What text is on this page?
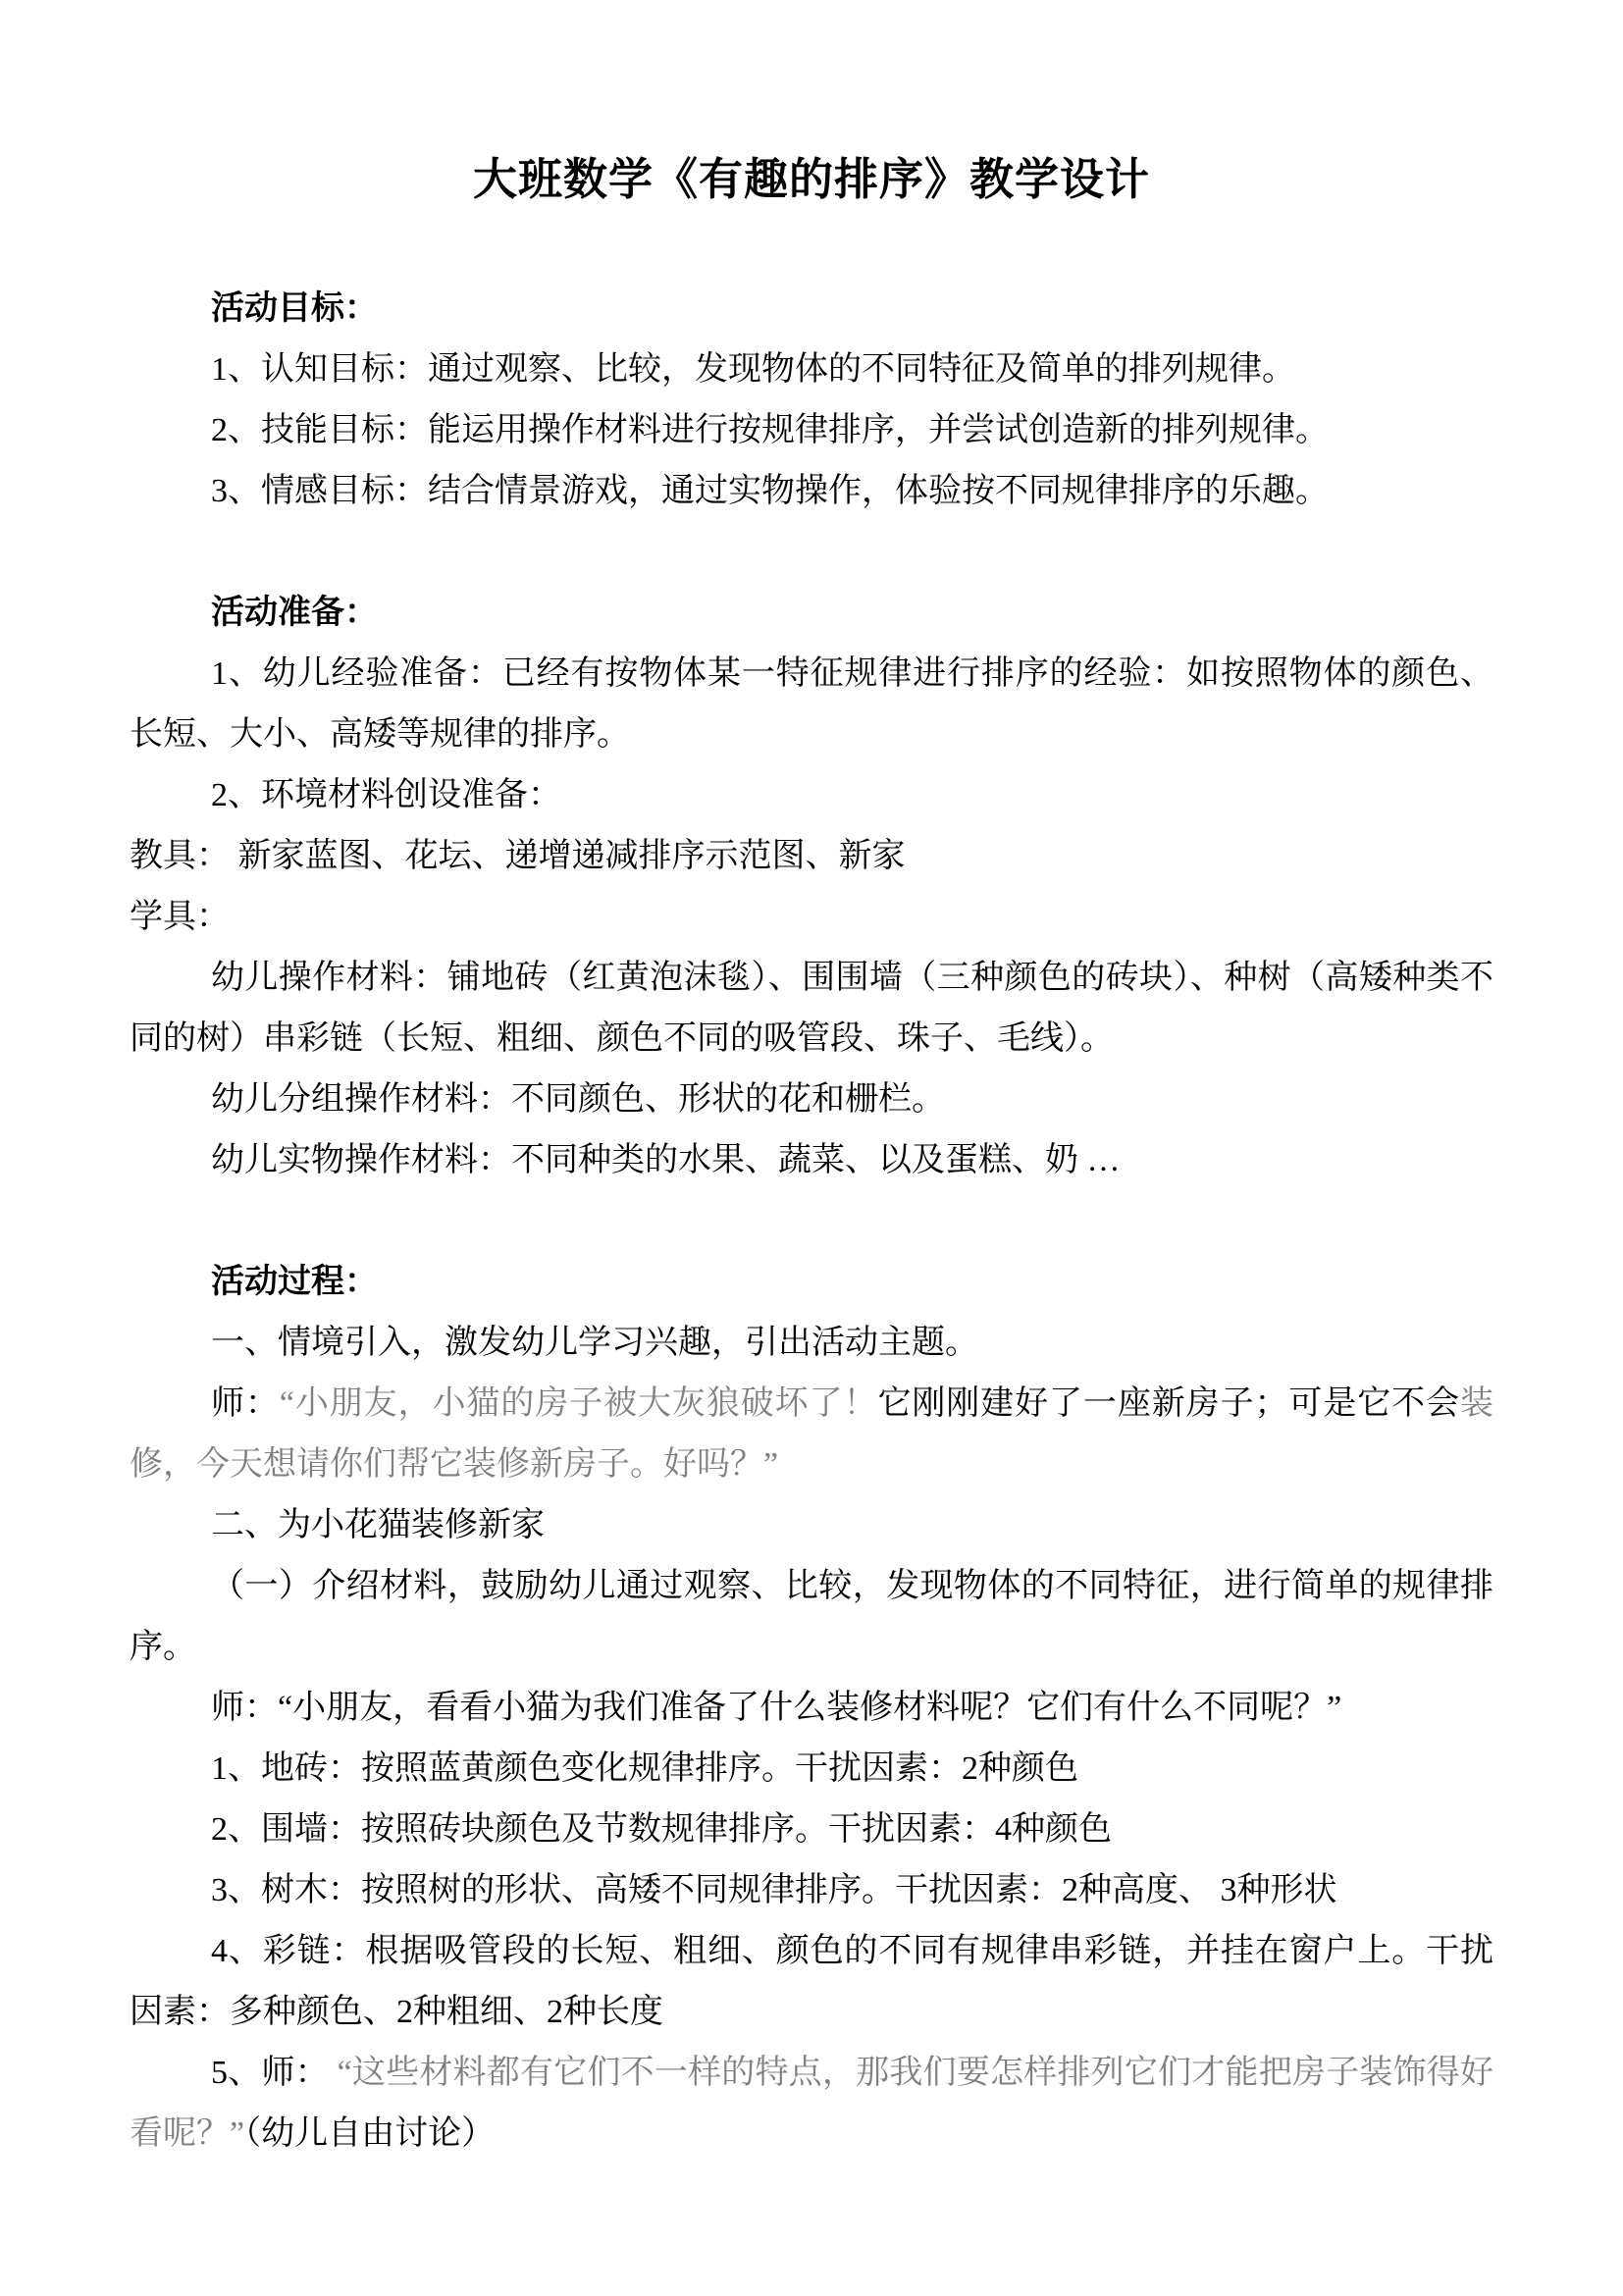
大班数学《有趣的排序》教学设计

活动目标：

1、认知目标：通过观察、比较，发现物体的不同特征及简单的排列规律。

2、技能目标：能运用操作材料进行按规律排序，并尝试创造新的排列规律。

3、情感目标：结合情景游戏，通过实物操作，体验按不同规律排序的乐趣。

活动准备：

1、幼儿经验准备：已经有按物体某一特征规律进行排序的经验：如按照物体的颜色、长短、大小、高矮等规律的排序。

2、环境材料创设准备：

教具： 新家蓝图、花坛、递增递减排序示范图、新家

学具：

幼儿操作材料：铺地砖（红黄泡沫毯）、围围墙（三种颜色的砖块）、种树（高矮种类不同的树）串彩链（长短、粗细、颜色不同的吸管段、珠子、毛线）。

幼儿分组操作材料：不同颜色、形状的花和栅栏。

幼儿实物操作材料：不同种类的水果、蔬菜、以及蛋糕、奶 …

活动过程：

一、情境引入，激发幼儿学习兴趣，引出活动主题。

师：“小朋友，小猫的房子被大灰狼破坏了！它刚刚建好了一座新房子；可是它不会装修，今天想请你们帮它装修新房子。好吗？”

二、为小花猫装修新家

（一）介绍材料，鼓励幼儿通过观察、比较，发现物体的不同特征，进行简单的规律排序。

师：“小朋友，看看小猫为我们准备了什么装修材料呢？它们有什么不同呢？”

1、地砖：按照蓝黄颜色变化规律排序。干扰因素：2种颜色

2、围墙：按照砖块颜色及节数规律排序。干扰因素：4种颜色

3、树木：按照树的形状、高矮不同规律排序。干扰因素：2种高度、 3种形状

4、彩链：根据吸管段的长短、粗细、颜色的不同有规律串彩链，并挂在窗户上。干扰因素：多种颜色、2种粗细、2种长度

5、师： “这些材料都有它们不一样的特点，那我们要怎样排列它们才能把房子装饰得好看呢？”（幼儿自由讨论）
